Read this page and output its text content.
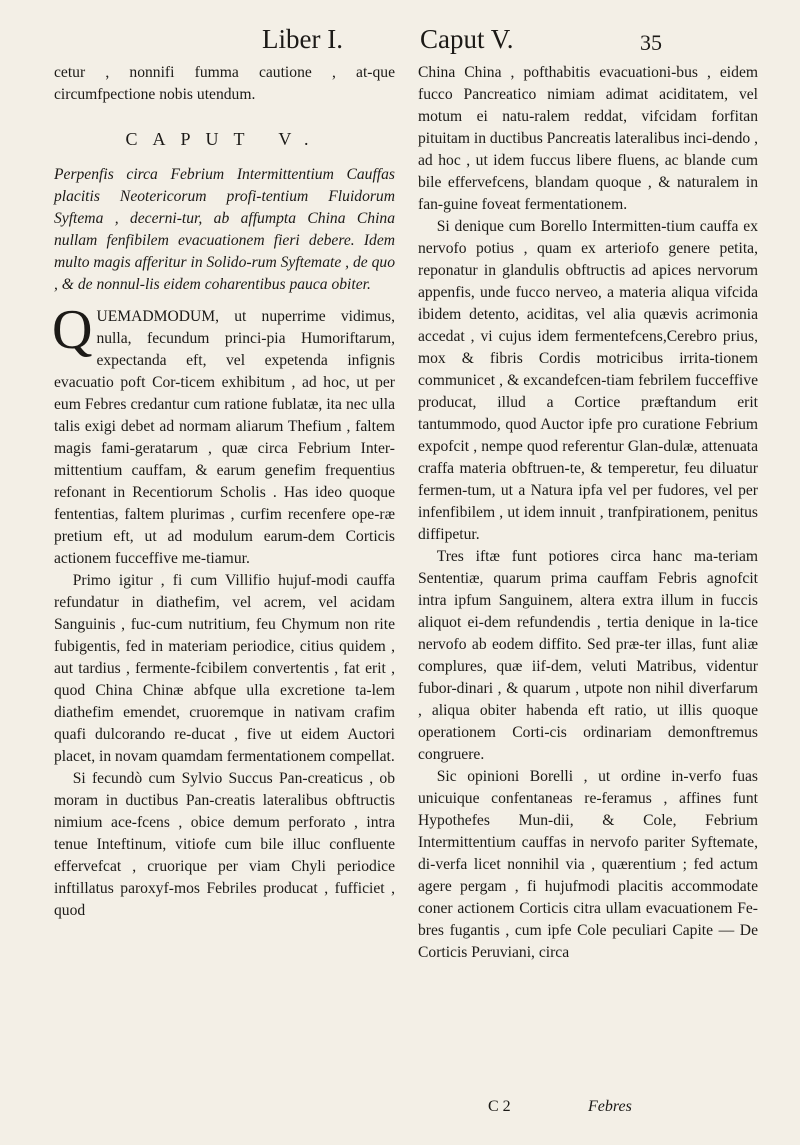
Liber I.	Caput V.	35

cetur , nonnifi fumma cautione , at-que circumfpectione nobis utendum.

CAPUT V.

Perpenfis circa Febrium Intermittentium Cauffas placitis Neotericorum profi-tentium Fluidorum Syftema , decerni-tur, ab affumpta China China nullam fenfibilem evacuationem fieri debere. Idem multo magis afferitur in Solido-rum Syftemate , de quo , & de nonnul-lis eidem coharentibus pauca obiter.

QUEMADMODUM, ut nuperrime vidimus, nulla, fecundum princi-pia Humoriftarum, expectanda eft, vel expetenda infignis evacuatio poft Cor-ticem exhibitum , ad hoc, ut per eum Febres credantur cum ratione fublatæ, ita nec ulla talis exigi debet ad normam aliarum Thefium , faltem magis fami-geratarum , quæ circa Febrium Inter-mittentium cauffam, & earum genefim frequentius refonant in Recentiorum Scholis . Has ideo quoque fententias, faltem plurimas , curfim recenfere ope-ræ pretium eft, ut ad modulum earum-dem Corticis actionem fucceffive me-tiamur.

Primo igitur , fi cum Villifio hujuf-modi cauffa refundatur in diathefim, vel acrem, vel acidam Sanguinis , fuc-cum nutritium, feu Chymum non rite fubigentis, fed in materiam periodice, citius quidem , aut tardius , fermente-fcibilem convertentis , fat erit , quod China Chinæ abfque ulla excretione ta-lem diathefim emendet, cruoremque in nativam crafim quafi dulcorando re-ducat , five ut eidem Auctori placet, in novam quamdam fermentationem compellat.

Si fecundò cum Sylvio Succus Pan-creaticus , ob moram in ductibus Pan-creatis lateralibus obftructis nimium ace-fcens , obice demum perforato , intra tenue Inteftinum, vitiofe cum bile illuc confluente effervefcat , cruorique per viam Chyli periodice inftillatus paroxyf-mos Febriles producat , fufficiet , quod

China China , pofthabitis evacuationi-bus , eidem fucco Pancreatico nimiam adimat aciditatem, vel motum ei natu-ralem reddat, vifcidam forfitan pituitam in ductibus Pancreatis lateralibus inci-dendo , ad hoc , ut idem fuccus libere fluens, ac blande cum bile effervefcens, blandam quoque , & naturalem in fan-guine foveat fermentationem.

Si denique cum Borello Intermitten-tium cauffa ex nervofo potius , quam ex arteriofo genere petita, reponatur in glandulis obftructis ad apices nervorum appenfis, unde fucco nerveo, a materia aliqua vifcida ibidem detento, aciditas, vel alia quævis acrimonia accedat , vi cujus idem fermentefcens,Cerebro prius, mox & fibris Cordis motricibus irrita-tionem communicet , & excandefcen-tiam febrilem fucceffive producat, illud a Cortice præftandum erit tantummodo, quod Auctor ipfe pro curatione Febrium expofcit , nempe quod referentur Glan-dulæ, attenuata craffa materia obftruen-te, & temperetur, feu diluatur fermen-tum, ut a Natura ipfa vel per fudores, vel per infenfibilem , ut idem innuit , tranfpirationem, penitus diffipetur.

Tres iftæ funt potiores circa hanc ma-teriam Sententiæ, quarum prima cauffam Febris agnofcit intra ipfum Sanguinem, altera extra illum in fuccis aliquot ei-dem refundendis , tertia denique in la-tice nervofo ab eodem diffito. Sed præ-ter illas, funt aliæ complures, quæ iif-dem, veluti Matribus, videntur fubor-dinari , & quarum , utpote non nihil diverfarum , aliqua obiter habenda eft ratio, ut illis quoque operationem Corti-cis ordinariam demonftremus congruere.

Sic opinioni Borelli , ut ordine in-verfo fuas unicuique confentaneas re-feramus , affines funt Hypothefes Mun-dii, & Cole, Febrium Intermittentium cauffas in nervofo pariter Syftemate, di-verfa licet nonnihil via , quærentium ; fed actum agere pergam , fi hujufmodi placitis accommodate coner actionem Corticis citra ullam evacuationem Fe-bres fugantis , cum ipfe Cole peculiari Capite — De Corticis Peruviani, circa

C 2	Febres
